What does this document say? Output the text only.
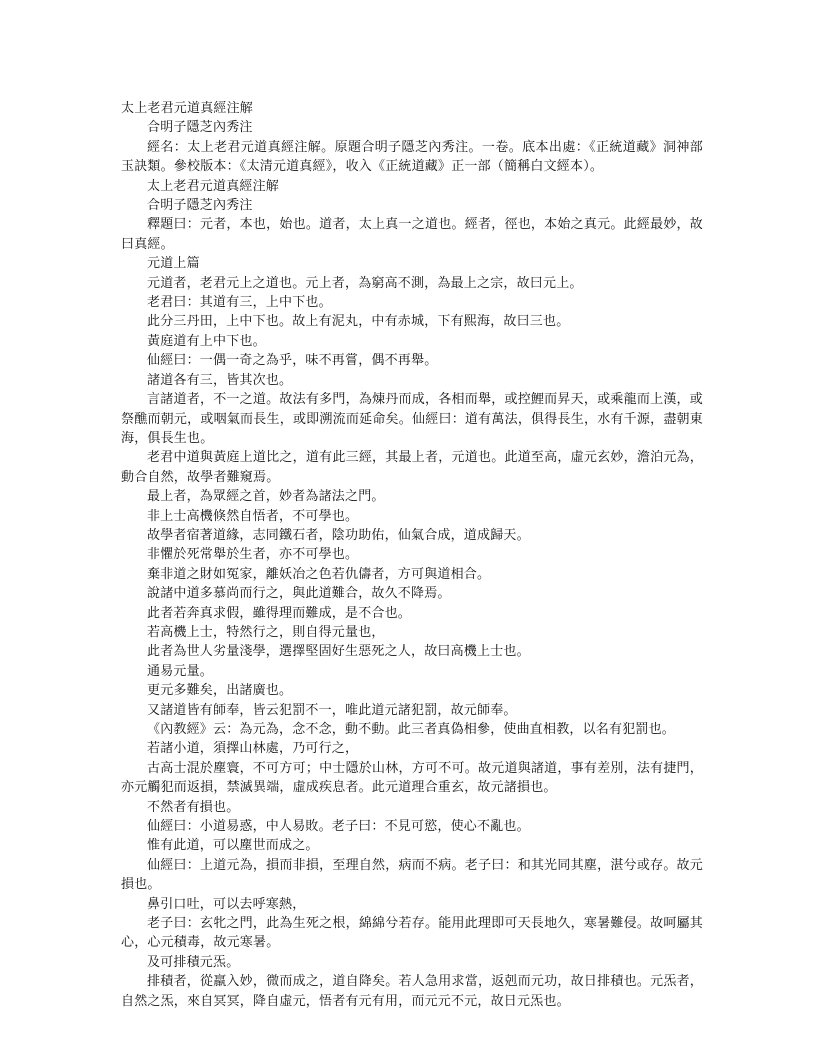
太上老君元道真經注解

合明子隱芝內秀注

經名：太上老君元道真經注解。原題合明子隱芝內秀注。一卷。底本出處：《正統道藏》洞神部玉訣類。參校版本：《太清元道真經》，收入《正統道藏》正一部（簡稱白文經本）。

太上老君元道真經注解

合明子隱芝內秀注

釋題曰：元者，本也，始也。道者，太上真一之道也。經者，徑也，本始之真元。此經最妙，故曰真經。

元道上篇

元道者，老君元上之道也。元上者，為窮高不測，為最上之宗，故曰元上。

老君曰：其道有三，上中下也。

此分三丹田，上中下也。故上有泥丸，中有赤城，下有熙海，故曰三也。

黃庭道有上中下也。

仙經曰：一偶一奇之為乎，味不再嘗，偶不再舉。

諸道各有三，皆其次也。

言諸道者，不一之道。故法有多門，為煉丹而成，各相而舉，或控鯉而昇天，或乘龍而上漢，或祭醮而朝元，或咽氣而長生，或即溯流而延命矣。仙經曰：道有萬法，俱得長生，水有千源，盡朝東海，俱長生也。

老君中道與黃庭上道比之，道有此三經，其最上者，元道也。此道至高，虛元玄妙，澹泊元為，動合自然，故學者難窺焉。

最上者，為眾經之首，妙者為諸法之門。

非上士高機倏然自悟者，不可學也。

故學者宿著道緣，志同鐵石者，陰功助佑，仙氣合成，道成歸天。

非懼於死常舉於生者，亦不可學也。

棄非道之財如冤家，離妖冶之色若仇儔者，方可與道相合。

說諸中道多慕尚而行之，與此道難合，故久不降焉。

此者若奔真求假，雖得理而難成，是不合也。

若高機上士，特然行之，則自得元量也，

此者為世人劣量淺學，選擇堅固好生惡死之人，故曰高機上士也。

通易元量。

更元多難矣，出諸廣也。

又諸道皆有師奉，皆云犯罰不一，唯此道元諸犯罰，故元師奉。

《內教經》云：為元為，念不念，動不動。此三者真偽相參，使曲直相教，以名有犯罰也。

若諸小道，須擇山林處，乃可行之，

古高士混於塵寰，不可方可；中士隱於山林，方可不可。故元道與諸道，事有差別，法有捷門，亦元觸犯而返損，禁滅異端，虛成疾息者。此元道理合重玄，故元諸損也。

不然者有損也。

仙經曰：小道易惑，中人易敗。老子曰：不見可慾，使心不亂也。

惟有此道，可以塵世而成之。

仙經曰：上道元為，損而非損，至理自然，病而不病。老子曰：和其光同其塵，湛兮或存。故元損也。

鼻引口吐，可以去呼寒熱，

老子曰：玄牝之門，此為生死之根，綿綿兮若存。能用此理即可天長地久，寒暑難侵。故呵屬其心，心元積毒，故元寒暑。

及可排積元炁。

排積者，從羸入妙，微而成之，道自降矣。若人急用求當，返剋而元功，故日排積也。元炁者，自然之炁，來自冥冥，降自虛元，悟者有元有用，而元元不元，故日元炁也。
